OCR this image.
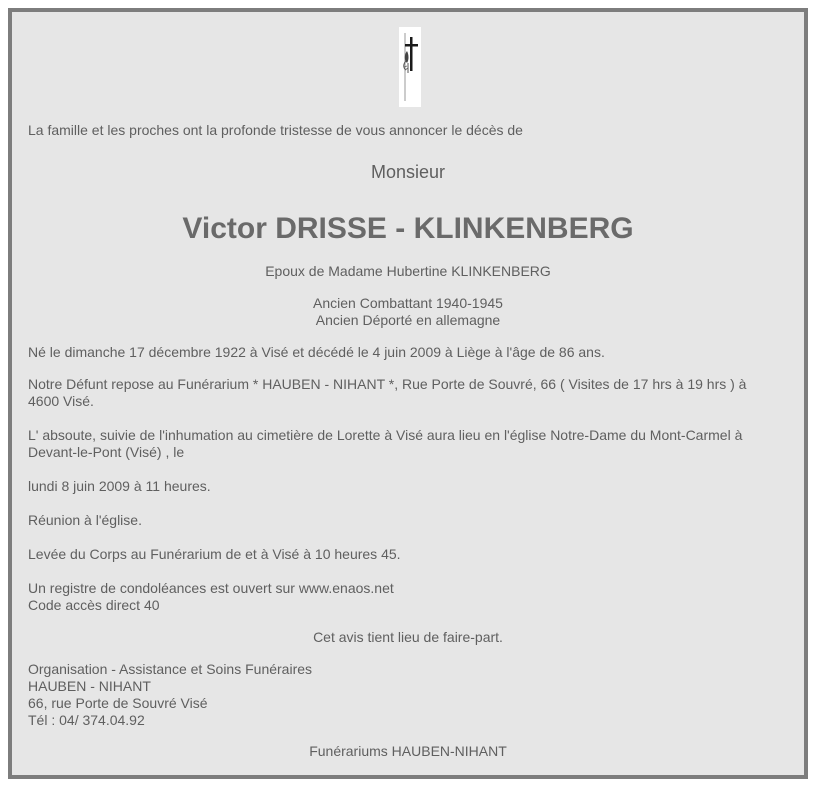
La famille et les proches ont la profonde tristesse de vous annoncer le décès de
Monsieur
Victor DRISSE - KLINKENBERG
Epoux de Madame Hubertine KLINKENBERG
Ancien Combattant 1940-1945
Ancien Déporté en allemagne
Né le dimanche 17 décembre 1922 à Visé et décédé le 4 juin 2009 à Liège à l'âge de 86 ans.
Notre Défunt repose au Funérarium * HAUBEN - NIHANT *, Rue Porte de Souvré, 66 ( Visites de 17 hrs à 19 hrs ) à
4600 Visé.
L' absoute, suivie de l'inhumation au cimetière de Lorette à Visé aura lieu en l'église Notre-Dame du Mont-Carmel à
Devant-le-Pont (Visé) , le
lundi 8 juin 2009 à 11 heures.
Réunion à l'église.
Levée du Corps au Funérarium de et à Visé à 10 heures 45.
Un registre de condoléances est ouvert sur www.enaos.net
Code accès direct 40
Cet avis tient lieu de faire-part.
Organisation - Assistance et Soins Funéraires
HAUBEN - NIHANT
66, rue Porte de Souvré Visé
Tél : 04/ 374.04.92
Funérariums HAUBEN-NIHANT
